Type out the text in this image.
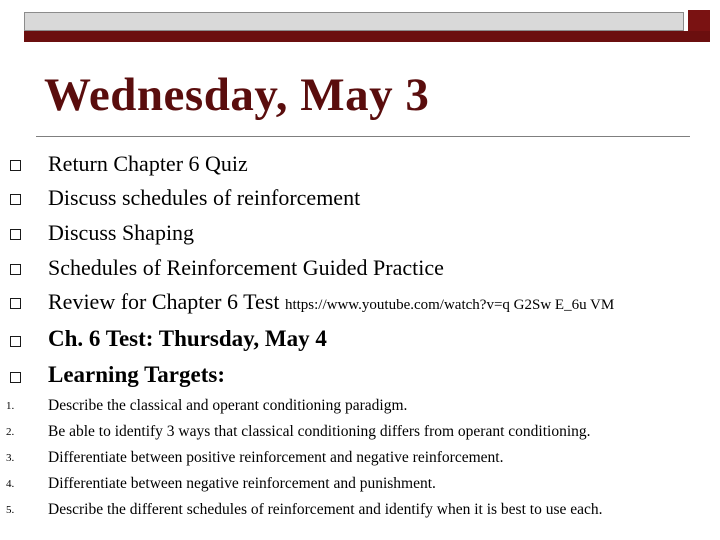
Wednesday, May 3
Return Chapter 6 Quiz
Discuss schedules of reinforcement
Discuss Shaping
Schedules of Reinforcement Guided Practice
Review for Chapter 6 Test https://www.youtube.com/watch?v=q G2Sw E_6u VM
Ch. 6 Test: Thursday, May 4
Learning Targets:
1. Describe the classical and operant conditioning paradigm.
2. Be able to identify 3 ways that classical conditioning differs from operant conditioning.
3. Differentiate between positive reinforcement and negative reinforcement.
4. Differentiate between negative reinforcement and punishment.
5. Describe the different schedules of reinforcement and identify when it is best to use each.
